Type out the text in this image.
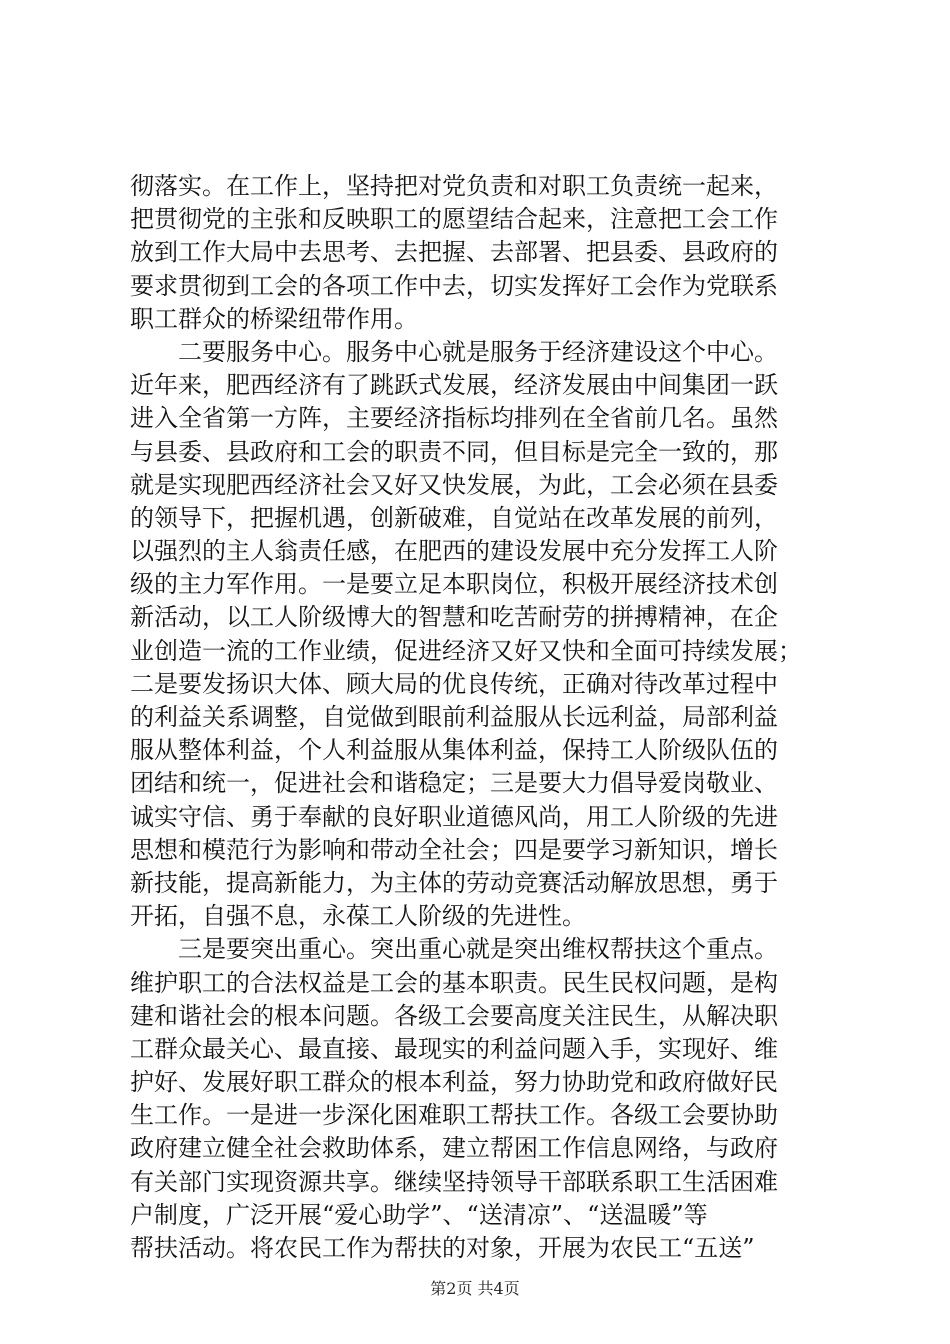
彻落实。在工作上，坚持把对党负责和对职工负责统一起来，
把贯彻党的主张和反映职工的愿望结合起来，注意把工会工作
放到工作大局中去思考、去把握、去部署、把县委、县政府的
要求贯彻到工会的各项工作中去，切实发挥好工会作为党联系
职工群众的桥梁纽带作用。
　　二要服务中心。服务中心就是服务于经济建设这个中心。
近年来，肥西经济有了跳跃式发展，经济发展由中间集团一跃
进入全省第一方阵，主要经济指标均排列在全省前几名。虽然
与县委、县政府和工会的职责不同，但目标是完全一致的，那
就是实现肥西经济社会又好又快发展，为此，工会必须在县委
的领导下，把握机遇，创新破难，自觉站在改革发展的前列，
以强烈的主人翁责任感，在肥西的建设发展中充分发挥工人阶
级的主力军作用。一是要立足本职岗位，积极开展经济技术创
新活动，以工人阶级博大的智慧和吃苦耐劳的拼搏精神，在企
业创造一流的工作业绩，促进经济又好又快和全面可持续发展；
二是要发扬识大体、顾大局的优良传统，正确对待改革过程中
的利益关系调整，自觉做到眼前利益服从长远利益，局部利益
服从整体利益，个人利益服从集体利益，保持工人阶级队伍的
团结和统一，促进社会和谐稳定；三是要大力倡导爱岗敬业、
诚实守信、勇于奉献的良好职业道德风尚，用工人阶级的先进
思想和模范行为影响和带动全社会；四是要学习新知识，增长
新技能，提高新能力，为主体的劳动竞赛活动解放思想，勇于
开拓，自强不息，永葆工人阶级的先进性。
　　三是要突出重心。突出重心就是突出维权帮扶这个重点。
维护职工的合法权益是工会的基本职责。民生民权问题，是构
建和谐社会的根本问题。各级工会要高度关注民生，从解决职
工群众最关心、最直接、最现实的利益问题入手，实现好、维
护好、发展好职工群众的根本利益，努力协助党和政府做好民
生工作。一是进一步深化困难职工帮扶工作。各级工会要协助
政府建立健全社会救助体系，建立帮困工作信息网络，与政府
有关部门实现资源共享。继续坚持领导干部联系职工生活困难
户制度，广泛开展“爱心助学”、“送清凉”、“送温暖”等
帮扶活动。将农民工作为帮扶的对象，开展为农民工“五送”
第2页 共4页
